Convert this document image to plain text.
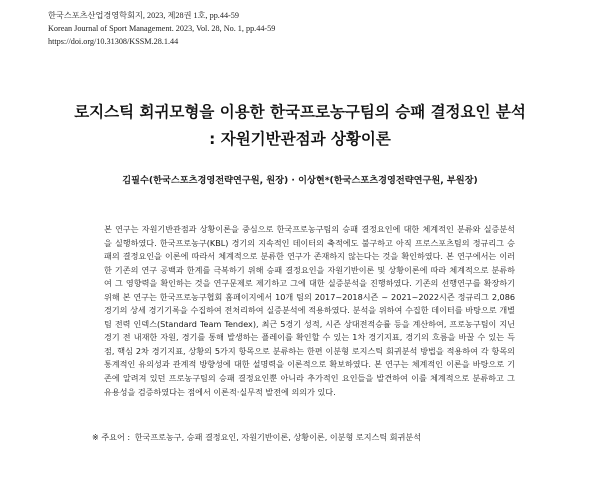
한국스포츠산업경영학회지, 2023, 제28권 1호, pp.44-59
Korean Journal of Sport Management. 2023, Vol. 28, No. 1, pp.44-59
https://doi.org/10.31308/KSSM.28.1.44
로지스틱 회귀모형을 이용한 한국프로농구팀의 승패 결정요인 분석
: 자원기반관점과 상황이론
김필수(한국스포츠경영전략연구원, 원장) · 이상현*(한국스포츠경영전략연구원, 부원장)
본 연구는 자원기반관점과 상황이론을 중심으로 한국프로농구팀의 승패 결정요인에 대한 체계적인 분류와 실증분석을 실행하였다. 한국프로농구(KBL) 경기의 지속적인 데이터의 축적에도 불구하고 아직 프로스포츠팀의 정규리그 승패의 결정요인을 이론에 따라서 체계적으로 분류한 연구가 존재하지 않는다는 것을 확인하였다. 본 연구에서는 이러한 기존의 연구 공백과 한계를 극복하기 위해 승패 결정요인을 자원기반이론 및 상황이론에 따라 체계적으로 분류하여 그 영향력을 확인하는 것을 연구문제로 제기하고 그에 대한 실증분석을 진행하였다. 기존의 선행연구를 확장하기 위해 본 연구는 한국프로농구협회 홈페이지에서 10개 팀의 2017~2018시즌 ~ 2021~2022시즌 정규리그 2,086경기의 상세 경기기록을 수집하여 전처리하여 실증분석에 적용하였다. 분석을 위하여 수집한 데이터를 바탕으로 개별 팀 전력 인덱스(Standard Team Tendex), 최근 5경기 성적, 시즌 상대전적승률 등을 계산하여, 프로농구팀이 지닌 경기 전 내재한 자원, 경기를 통해 발생하는 플레이를 확인할 수 있는 1차 경기지표, 경기의 흐름을 바꿀 수 있는 득점, 핵심 2차 경기지표, 상황의 5가지 항목으로 분류하는 한편 이분형 로지스틱 회귀분석 방법을 적용하여 각 항목의 통계적인 유의성과 관계적 방향성에 대한 설명력을 이론적으로 확보하였다. 본 연구는 체계적인 이론을 바탕으로 기존에 알려져 있던 프로농구팀의 승패 결정요인뿐 아니라 추가적인 요인들을 발견하여 이를 체계적으로 분류하고 그 유용성을 검증하였다는 점에서 이론적·실무적 발전에 의의가 있다.
※ 주요어 : 한국프로농구, 승패 결정요인, 자원기반이론, 상황이론, 이분형 로지스틱 회귀분석
